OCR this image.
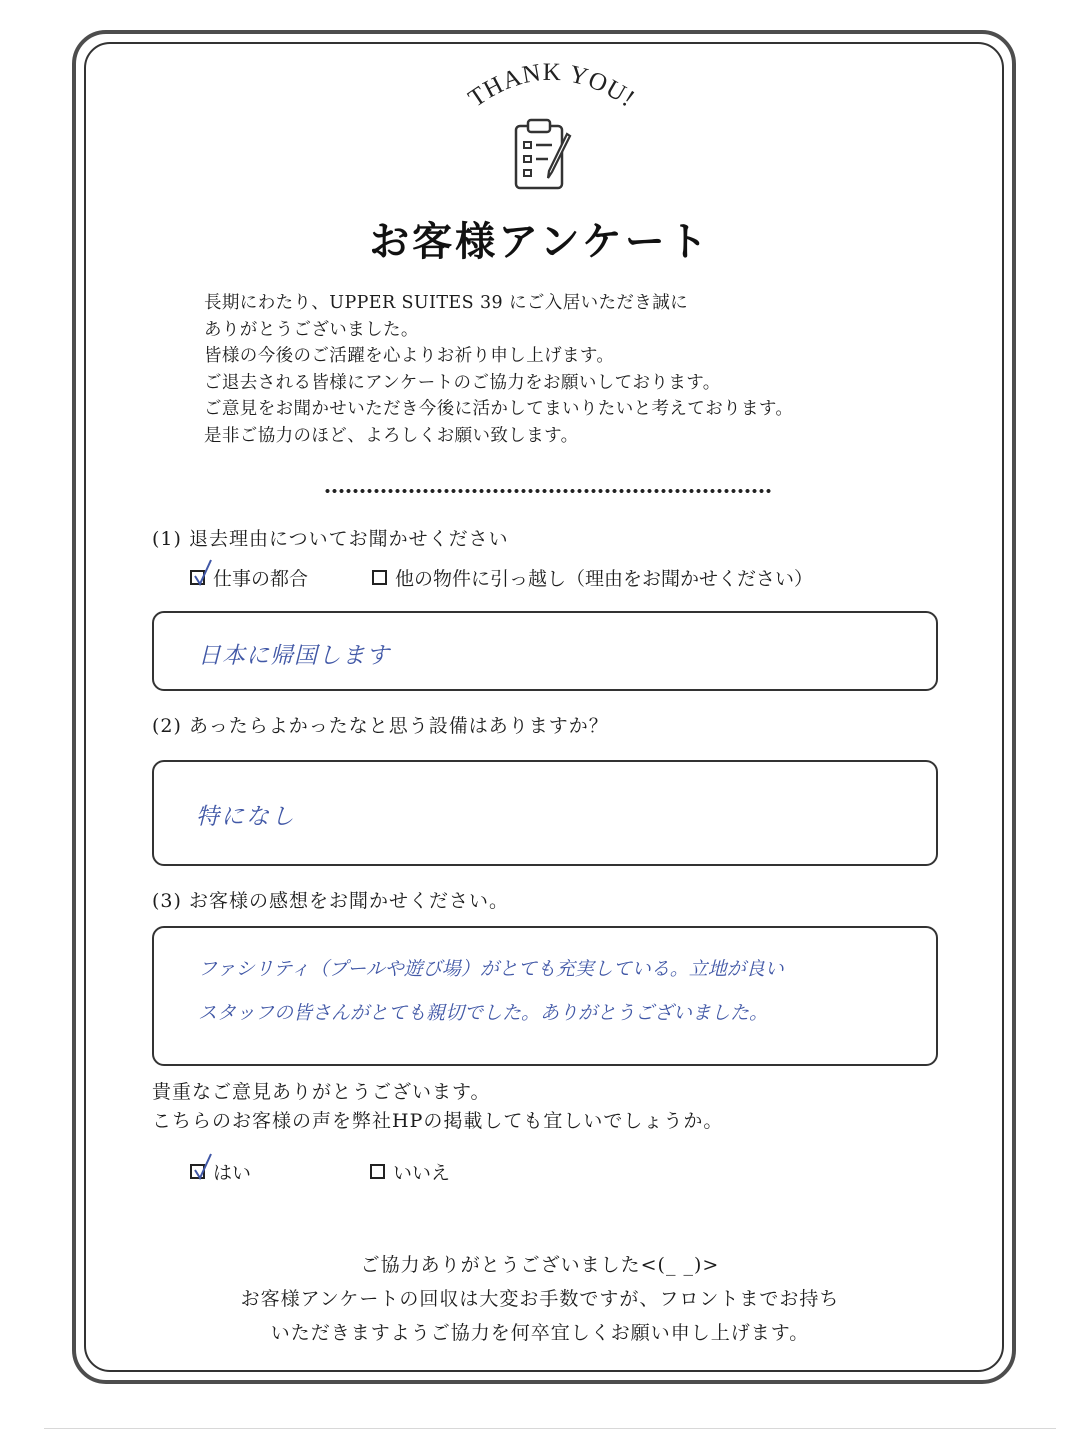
THANK YOU!
お客様アンケート
長期にわたり、UPPER SUITES 39 にご入居いただき誠に
ありがとうございました。
皆様の今後のご活躍を心よりお祈り申し上げます。
ご退去される皆様にアンケートのご協力をお願いしております。
ご意見をお聞かせいただき今後に活かしてまいりたいと考えております。
是非ご協力のほど、よろしくお願い致します。
(1) 退去理由についてお聞かせください
仕事の都合	他の物件に引っ越し（理由をお聞かせください）
日本に帰国します
(2) あったらよかったなと思う設備はありますか？
特になし
(3) お客様の感想をお聞かせください。
ファシリティ（プールや遊び場）がとても充実している。立地が良い
スタッフの皆さんがとても親切でした。ありがとうございました。
貴重なご意見ありがとうございます。
こちらのお客様の声を弊社HPの掲載しても宜しいでしょうか。
はい	いいえ
ご協力ありがとうございました<(_ _)>
お客様アンケートの回収は大変お手数ですが、フロントまでお持ち
いただきますようご協力を何卒宜しくお願い申し上げます。
